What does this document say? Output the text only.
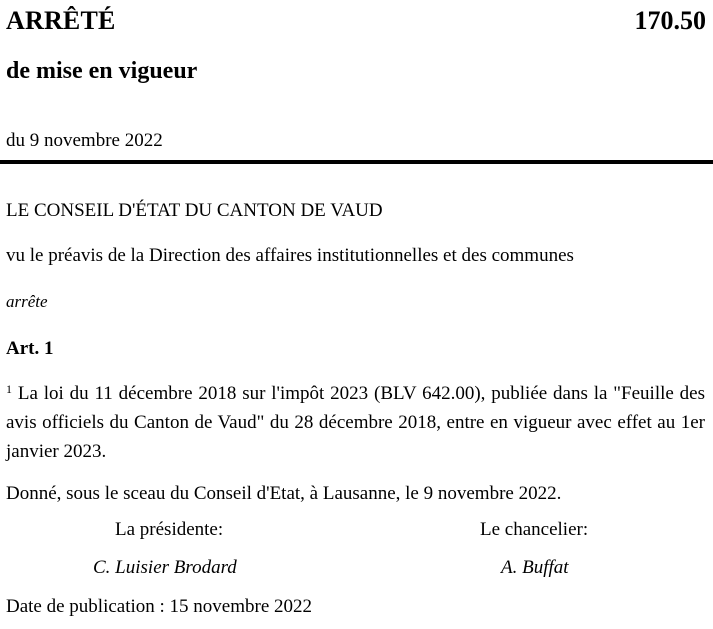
ARRÊTÉ	170.50
de mise en vigueur
du 9 novembre 2022
LE CONSEIL D'ÉTAT DU CANTON DE VAUD
vu le préavis de la Direction des affaires institutionnelles et des communes
arrête
Art. 1

$^1$ La loi du 11 décembre 2018 sur l'impôt 2023 (BLV 642.00), publiée dans la "Feuille des avis officiels du Canton de Vaud" du 28 décembre 2018, entre en vigueur avec effet au 1er janvier 2023.

Donné, sous le sceau du Conseil d'Etat, à Lausanne, le 9 novembre 2022.
La présidente:	Le chancelier:
C. Luisier Brodard	A. Buffat
Date de publication : 15 novembre 2022
